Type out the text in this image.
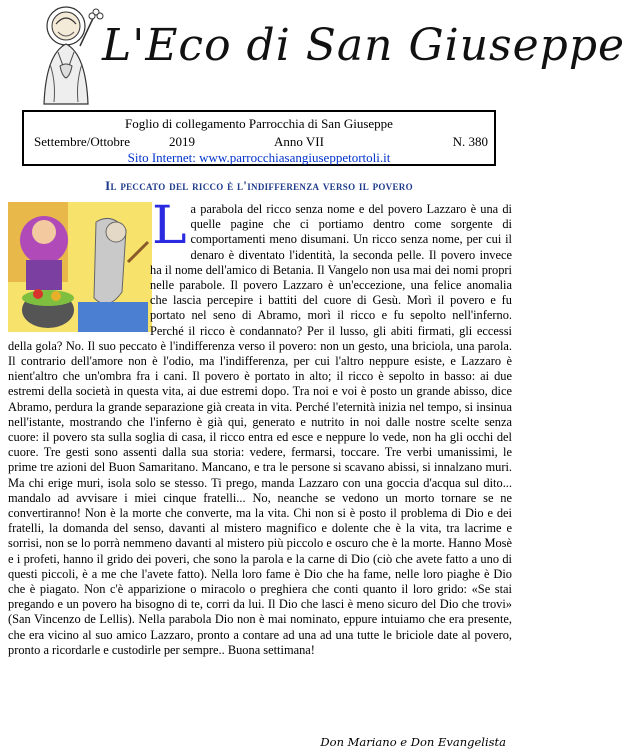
L'Eco di San Giuseppe
Foglio di collegamento Parrocchia di San Giuseppe
Settembre/Ottobre	2019	Anno VII	N. 380
Sito Internet: www.parrocchiasangiuseppetortoli.it
Il peccato del ricco è l'indifferenza verso il povero
L a parabola del ricco senza nome e del povero Lazzaro è una di quelle pagine che ci portiamo dentro come sorgente di comportamenti meno disumani. Un ricco senza nome, per cui il denaro è diventato l'identità, la seconda pelle. Il povero invece ha il nome dell'amico di Betania. Il Vangelo non usa mai dei nomi propri nelle parabole. Il povero Lazzaro è un'eccezione, una felice anomalia che lascia percepire i battiti del cuore di Gesù. Morì il povero e fu portato nel seno di Abramo, morì il ricco e fu sepolto nell'inferno. Perché il ricco è condannato? Per il lusso, gli abiti firmati, gli eccessi della gola? No. Il suo peccato è l'indifferenza verso il povero: non un gesto, una briciola, una parola. Il contrario dell'amore non è l'odio, ma l'indifferenza, per cui l'altro neppure esiste, e Lazzaro è nient'altro che un'ombra fra i cani. Il povero è portato in alto; il ricco è sepolto in basso: ai due estremi della società in questa vita, ai due estremi dopo. Tra noi e voi è posto un grande abisso, dice Abramo, perdura la grande separazione già creata in vita. Perché l'eternità inizia nel tempo, si insinua nell'istante, mostrando che l'inferno è già qui, generato e nutrito in noi dalle nostre scelte senza cuore: il povero sta sulla soglia di casa, il ricco entra ed esce e neppure lo vede, non ha gli occhi del cuore. Tre gesti sono assenti dalla sua storia: vedere, fermarsi, toccare. Tre verbi umanissimi, le prime tre azioni del Buon Samaritano. Mancano, e tra le persone si scavano abissi, si innalzano muri. Ma chi erige muri, isola solo se stesso. Ti prego, manda Lazzaro con una goccia d'acqua sul dito... mandalo ad avvisare i miei cinque fratelli... No, neanche se vedono un morto tornare se ne convertiranno! Non è la morte che converte, ma la vita. Chi non si è posto il problema di Dio e dei fratelli, la domanda del senso, davanti al mistero magnifico e dolente che è la vita, tra lacrime e sorrisi, non se lo porrà nemmeno davanti al mistero più piccolo e oscuro che è la morte. Hanno Mosè e i profeti, hanno il grido dei poveri, che sono la parola e la carne di Dio (ciò che avete fatto a uno di questi piccoli, è a me che l'avete fatto). Nella loro fame è Dio che ha fame, nelle loro piaghe è Dio che è piagato. Non c'è apparizione o miracolo o preghiera che conti quanto il loro grido: «Se stai pregando e un povero ha bisogno di te, corri da lui. Il Dio che lasci è meno sicuro del Dio che trovi» (San Vincenzo de Lellis). Nella parabola Dio non è mai nominato, eppure intuiamo che era presente, che era vicino al suo amico Lazzaro, pronto a contare ad una ad una tutte le briciole date al povero, pronto a ricordarle e custodirle per sempre.. Buona settimana!
Don Mariano e Don Evangelista
